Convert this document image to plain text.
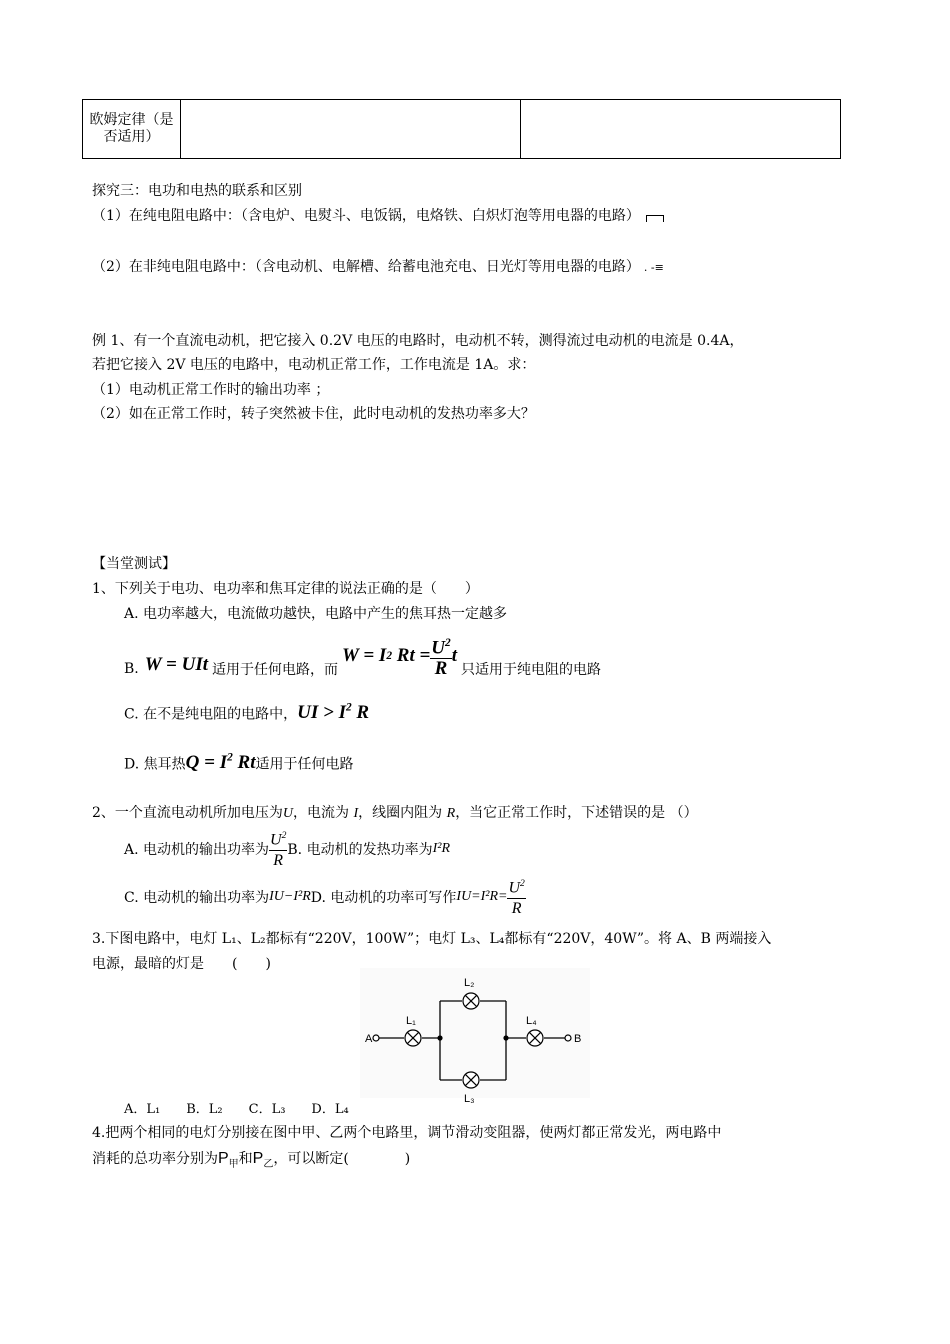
欧姆定律（是否适用）		
探究三：电功和电热的联系和区别
（1）在纯电阻电路中：（含电炉、电熨斗、电饭锅，电烙铁、白炽灯泡等用电器的电路）
（2）在非纯电阻电路中：（含电动机、电解槽、给蓄电池充电、日光灯等用电器的电路） . -≡
例 1、有一个直流电动机，把它接入 0.2V 电压的电路时，电动机不转，测得流过电动机的电流是 0.4A，
若把它接入 2V 电压的电路中，电动机正常工作，工作电流是 1A。求：
（1）电动机正常工作时的输出功率 ；
（2）如在正常工作时，转子突然被卡住，此时电动机的发热功率多大？
【当堂测试】
1、下列关于电功、电功率和焦耳定律的说法正确的是（　　）
A. 电功率越大，电流做功越快，电路中产生的焦耳热一定越多
B. W = UIt 适用于任何电路，而
W = I 2
$Rt = \frac{U^2}{R}$ t
只适用于纯电阻的电路
C. 在不是纯电阻的电路中，UI > $I^2$ R
D. 焦耳热$Q = I^2$ Rt适用于任何电路
2、一个直流电动机所加电压为U，电流为 I，线圈内阻为 R，当它正常工作时，下述错误的是 （）
A. 电动机的输出功率为 $\frac{U^2}{R} B$. 电动机的发热功率为 I²R
C. 电动机的输出功率为 IU−I²R D. 电动机的功率可写作 $IU=I^2R= \frac{U^2}{R}$
3.下图电路中，电灯 L₁、L₂都标有“220V，100W”；电灯 L₃、L₄都标有“220V，40W”。将 A、B 两端接入
电源，最暗的灯是　　(　　)
A	B
L₁
L₂
L₃
L₄
A．L₁　　B．L₂　　C．L₃　　D．L₄
4.把两个相同的电灯分别接在图中甲、乙两个电路里，调节滑动变阻器，使两灯都正常发光，两电路中
消耗的总功率分别为$P_甲$和$P_乙$，可以断定(　　　　)
